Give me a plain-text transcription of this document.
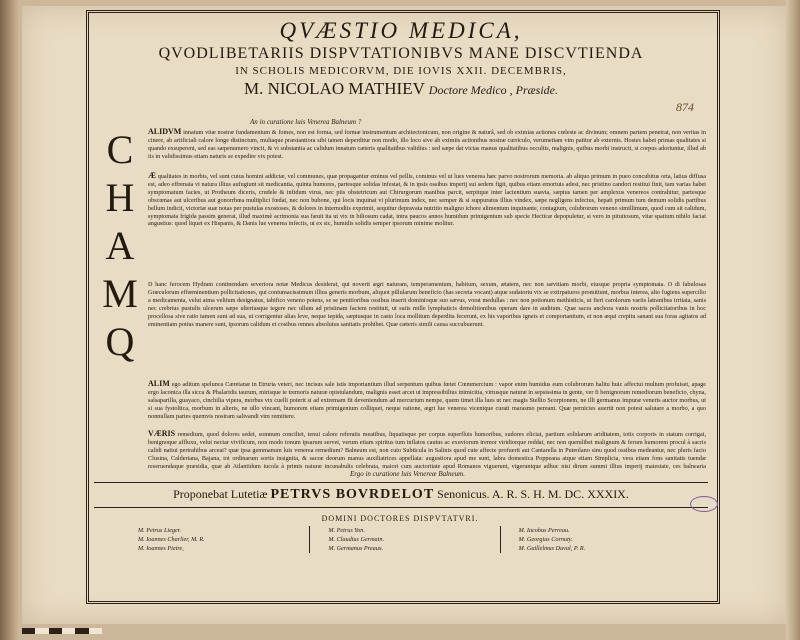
QVÆSTIO MEDICA,
QVODLIBETARIIS DISPVTATIONIBVS MANE DISCVTIENDA
IN SCHOLIS MEDICORVM, DIE IOVIS XXII. DECEMBRIS,
M. NICOLAO MATHIEV Doctore Medico , Præside.
An in curatione luis Venerea Balneum ?
874
C
H
A
M
Q
ALIDVM innatum vitæ nostræ fundamentum & fomes, non est forma, sed formæ instrumentum architectonicum, non origine & naturâ, sed ob eximias actiones cœleste ac divinum; omnem partem penetrat, non veritas in cinere, ab artificiali calore longe distinctum, multaque præstantiora sibi tamen deperditur non modo, illo loco sive ab eximiis actionibus nostræ curriculo, verumetiam vim patitur ab externis. Hostes habet primas qualitates si quando exsuperent, sed eas sæpenumero vincit, & vi substantia ac calidum innatum cæteris qualitatibus validius : sed sæpe dat victas manus qualitatibus occultis, malignis, quibus morbi instructi, si corpus adoriuntur, illud ab iis in validissimus etiam naturis se expedire vix potest.
Æ qualitates in morbis, vel sunt cuius homini addictæ, vel communes, quæ propagantur eminus vel pellis, cominus vel ut lues venerea hæc parvo nostrorum memoria. ab aliquo primum in pueo concubitus orta, latius diffusa est, adeo effrenata vi natura illius aufugiunt sit medicantia, quinta humores, partesque solidas infestat, & in ipsis ossibus imperij sui sedem figit, quibus etiam emortuis adest, nec pristino candori restitui finit, tam varias habet symptomatum facies, ut Protheum diceris, crudele & infidum virus, nec piis obstetricum aut Chirurgorum manibus parcit, serpitque inter lactentium suavia, sæpius tamen per amplexus venereos contrahitur, partesque obscœnas aut ulceribus aut gonorrhœa multiplici fœdat, nec non bubone, qui locis inquinat vi plurimum index, nec semper & si suppuratus illius vindex, sæpe negligens infectus, hepati primum tum demum solidis partibus bellum indicit, victoriæ suæ notas per pustulas exostoses, & dolores in internodiis exprimit, sequitur depravata nutritio maligno ichore alimentum inquinante, contagium, colubrorum veneno simillimum, quod cum sit calidum, symptomata frigida passim generat, illud maximè acrimonia sua fæuit ita ut vix in biliosum cadat, intra paucos annos humidum primigenium sub specie Hecticæ depopuletur, si vero in pituitosum, vitæ spatium nihilo faciat angustius: quod liquet ex Hispanis, & Danis lue venerea infectis, ut ex sic, humidis solidis semper ipsorum minime molitur.
D hanc ferocem Hydram continendam severiora notæ Medicus desiderat, qui noverit ægri naturam, temperamentum, habitum, sexum, ætatem, nec non sævitiam morbi, eiusque propria symptomata. O di fabulosas Græculorum effœminentium pollicitationes, qui contumacissimum illius generis morbum, aliquot pillularum beneficio (has secreta vocant) atque sudatoriu vix se extirpaturos promittunt, morbus interea, alto fugiens supercilio a medicamenta, velut atma velitum designatus, tabifico veneno potens, se se penitioribus ossibus inserit dominioque suo sævus, vorat medullas : nec non potionum methisticis, ut fieri carolorum variis latranibus irritata, sanis nec crebrius pustulis ulcerum sæpe ulteriusque tegere nec ullum ad pristinam faciem restituit, ut suiis mille lymphaticis demolitionibus operam dare in auditum. Quæ sacra anchora vanis nostris pollicitatoribus in hoc procellosa sive ratio tamen sunt ad sua, ut corrigentur alias leve, neque tepida, sæpiusque in casto loca mollitum deperdita fecerunt, ex his vaporibus igneis et comportantium, et non æqui crepitu sanant sua foras agitatos ad eminentiam potius manere sunt, ipsorum calidum et cosibus omnes absolutus sanitatis prohibet. Quæ cæteris simili causa succubuerunt.
ALIM ego aditum spelunca Cæretanæ in Etruria veteri, nec incisus sale istis importantium illud serpentum quibus fœtet Cœmmercium : vapor enim humidus eum colubrorum halitu huic affectui multum profuiset, apage ergo laconica illa sicca & Phalaridis taurum, mirisque te tremoris naturæ opistulandum, malignis esset arcet ut impressibilius inimicitia, virtusque naturæ in sepsissima in gente, ver fi benignorum remediorum beneficio, chyna, salsaparilla, guayaco, cinchilia vipera, morbus vix cuelli poterit si ad extremam fit deveniendum ad mercurium nempe, quem timet illa lues ut nec magis Stellio Scorpionem, ne illi germanus impuræ veneris auctor morbus, ut si sua fystoltica, morbum in alteris, ne ullo vincant, humorem etiam primigenium colliquet, neque ratione, ægri lue venerea vicentque curati marasmo pereant. Quæ pernicies auertit non potest salutare a morbo, a quo nonnullam partes quemvis nostram salivandi vim remittere.
VÆRIS remedium, quod dolores sedet, somnum conciliet, tenui calore referatis meatibus, liquatisque per corpus superfluis humoribus, sudores eliciat, partium solidarum ariditatem, totis corporis in statum corrigat, benignoque affluxu, velut nectar vivificum, non modo tonum ipsarum servet, verum etiam spiritus tum inflatos cautus ac exuviorum tremor viridiorque reddat, nec non quemlibet malignum & ferum humorem procul à sacris calidi natiui pertrahibus arceat? quæ ipsa gemmanum luis venerea remedium? Balneum est, non cuto Subticula in Salinis quod cute affecte profuerit aut Cantarella in Puteolano sinu quod ossibus medeantur, nec pluris facio Clusina, Calderiana, Bajana, tot ordinarum sortis insignita, & sacræ deorum manus auxiliatrices appellata: augustiora apud me sunt, labra domestica Poppeana atque etiam Simplicia, vera etiam fons sanitatis tuendæ reseruendaque præsidia, quæ ab Atlantidum iucola à primis naturæ incunabulis celebrata, maiori cum auctoritate apud Romanos viguerunt, vigeruntque adhuc nisi dirum summi illius imperij maiestate, ces balnearia
Ergo in curatione luis Venereæ Balneum.
Proponebat Lutetiæ PETRVS BOVRDELOT Senonicus. A. R. S. H. M. DC. XXXIX.
DOMINI DOCTORES DISPVTATVRI.
M. Petrus Lieger.
M. Ioannes Charlier, M. R.
M. Ioannes Pietre,
M. Petrus Yon.
M. Claudius Germain.
M. Germanus Preaux.
M. Iacobus Perreau.
M. Georgius Cornuty.
M. Guillelmus Duval, P. R.
